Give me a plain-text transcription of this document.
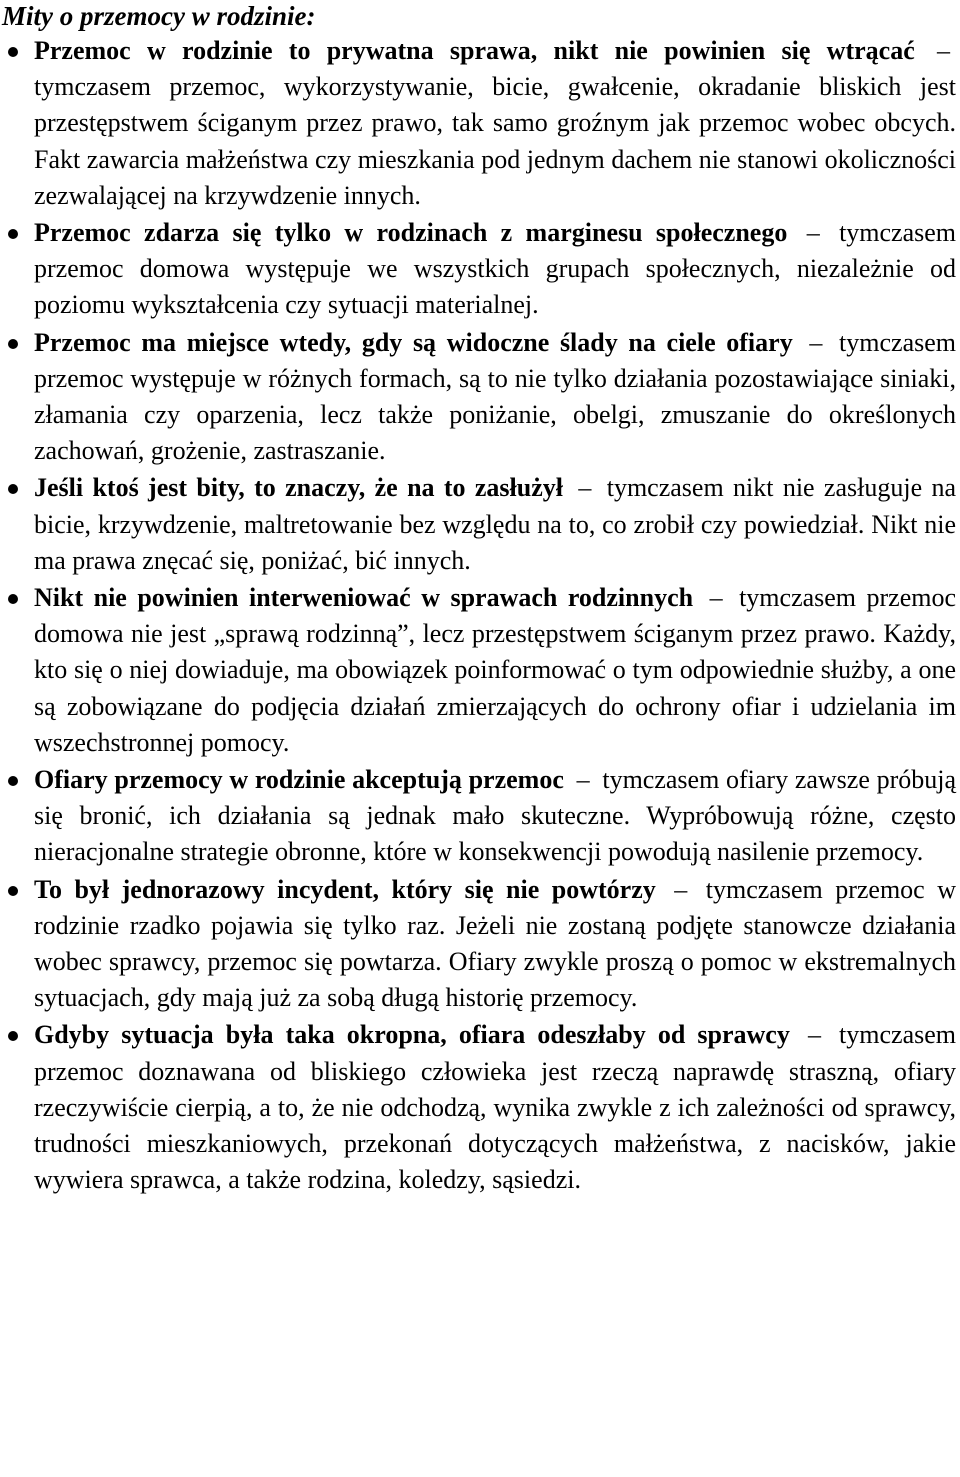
Mity o przemocy w rodzinie:
Przemoc w rodzinie to prywatna sprawa, nikt nie powinien się wtrącać – tymczasem przemoc, wykorzystywanie, bicie, gwałcenie, okradanie bliskich jest przestępstwem ściganym przez prawo, tak samo groźnym jak przemoc wobec obcych. Fakt zawarcia małżeństwa czy mieszkania pod jednym dachem nie stanowi okoliczności zezwalającej na krzywdzenie innych.
Przemoc zdarza się tylko w rodzinach z marginesu społecznego – tymczasem przemoc domowa występuje we wszystkich grupach społecznych, niezależnie od poziomu wykształcenia czy sytuacji materialnej.
Przemoc ma miejsce wtedy, gdy są widoczne ślady na ciele ofiary – tymczasem przemoc występuje w różnych formach, są to nie tylko działania pozostawiające siniaki, złamania czy oparzenia, lecz także poniżanie, obelgi, zmuszanie do określonych zachowań, grożenie, zastraszanie.
Jeśli ktoś jest bity, to znaczy, że na to zasłużył – tymczasem nikt nie zasługuje na bicie, krzywdzenie, maltretowanie bez względu na to, co zrobił czy powiedział. Nikt nie ma prawa znęcać się, poniżać, bić innych.
Nikt nie powinien interweniować w sprawach rodzinnych – tymczasem przemoc domowa nie jest „sprawą rodzinną”, lecz przestępstwem ściganym przez prawo. Każdy, kto się o niej dowiaduje, ma obowiązek poinformować o tym odpowiednie służby, a one są zobowiązane do podjęcia działań zmierzających do ochrony ofiar i udzielania im wszechstronnej pomocy.
Ofiary przemocy w rodzinie akceptują przemoc – tymczasem ofiary zawsze próbują się bronić, ich działania są jednak mało skuteczne. Wypróbowują różne, często nieracjonalne strategie obronne, które w konsekwencji powodują nasilenie przemocy.
To był jednorazowy incydent, który się nie powtórzy – tymczasem przemoc w rodzinie rzadko pojawia się tylko raz. Jeżeli nie zostaną podjęte stanowcze działania wobec sprawcy, przemoc się powtarza. Ofiary zwykle proszą o pomoc w ekstremalnych sytuacjach, gdy mają już za sobą długą historię przemocy.
Gdyby sytuacja była taka okropna, ofiara odeszłaby od sprawcy – tymczasem przemoc doznawana od bliskiego człowieka jest rzeczą naprawdę straszną, ofiary rzeczywiście cierpią, a to, że nie odchodzą, wynika zwykle z ich zależności od sprawcy, trudności mieszkaniowych, przekonań dotyczących małżeństwa, z nacisków, jakie wywiera sprawca, a także rodzina, koledzy, sąsiedzi.
